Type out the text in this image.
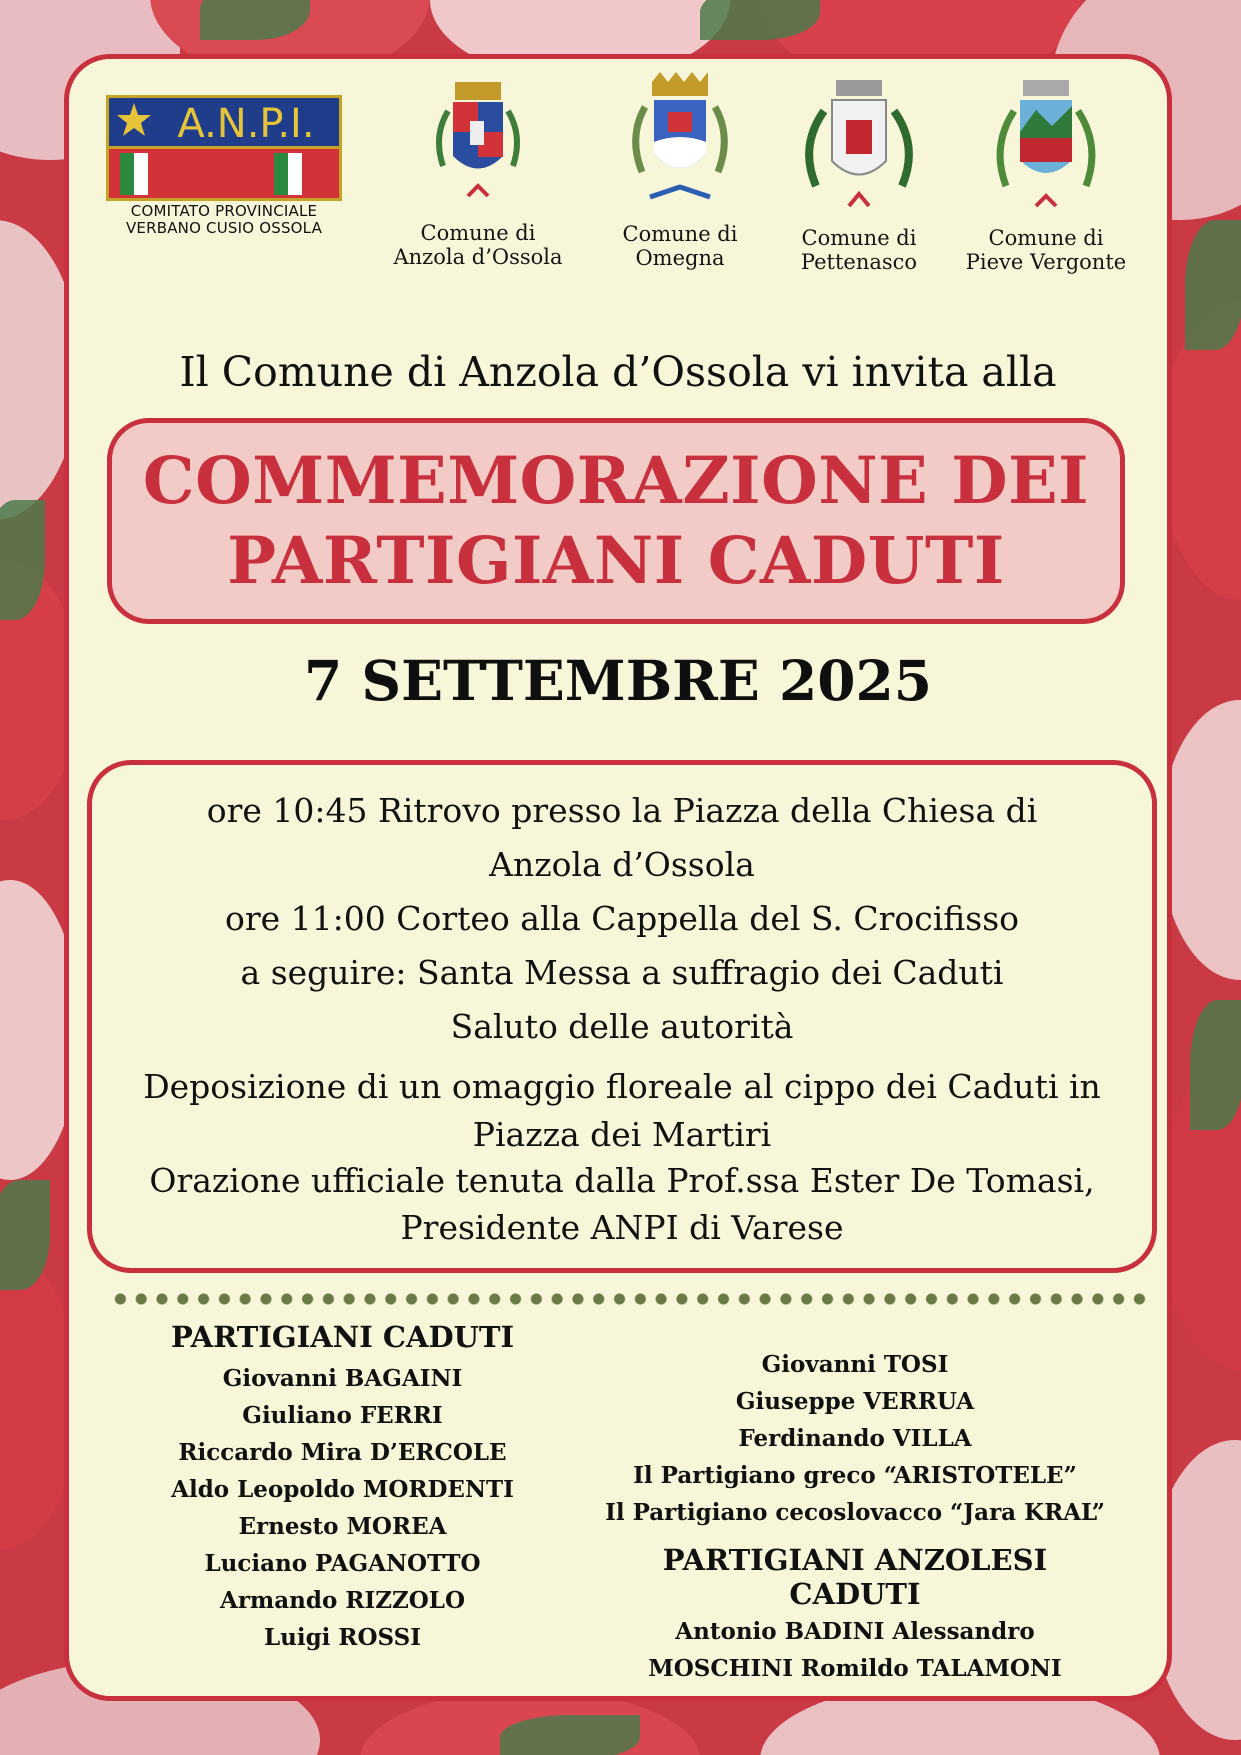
A.N.P.I.
COMITATO PROVINCIALE
VERBANO CUSIO OSSOLA	Comune di
Anzola d’Ossola
Comune di
Omegna
Comune di
Pettenasco
Comune di
Pieve Vergonte
Il Comune di Anzola d’Ossola vi invita alla
COMMEMORAZIONE DEI
PARTIGIANI CADUTI
7 SETTEMBRE 2025

ore 10:45 Ritrovo presso la Piazza della Chiesa di

Anzola d’Ossola

ore 11:00 Corteo alla Cappella del S. Crocifisso

a seguire: Santa Messa a suffragio dei Caduti

Saluto delle autorità

Deposizione di un omaggio floreale al cippo dei Caduti in

Piazza dei Martiri

Orazione ufficiale tenuta dalla Prof.ssa Ester De Tomasi,

Presidente ANPI di Varese

PARTIGIANI CADUTI
Giovanni BAGAINI
Giuliano FERRI
Riccardo Mira D’ERCOLE
Aldo Leopoldo MORDENTI
Ernesto MOREA
Luciano PAGANOTTO
Armando RIZZOLO
Luigi ROSSI
Giovanni TOSI
Giuseppe VERRUA
Ferdinando VILLA
Il Partigiano greco “ARISTOTELE”
Il Partigiano cecoslovacco “Jara KRAL”
PARTIGIANI ANZOLESI CADUTI
Antonio BADINI Alessandro
MOSCHINI Romildo TALAMONI
